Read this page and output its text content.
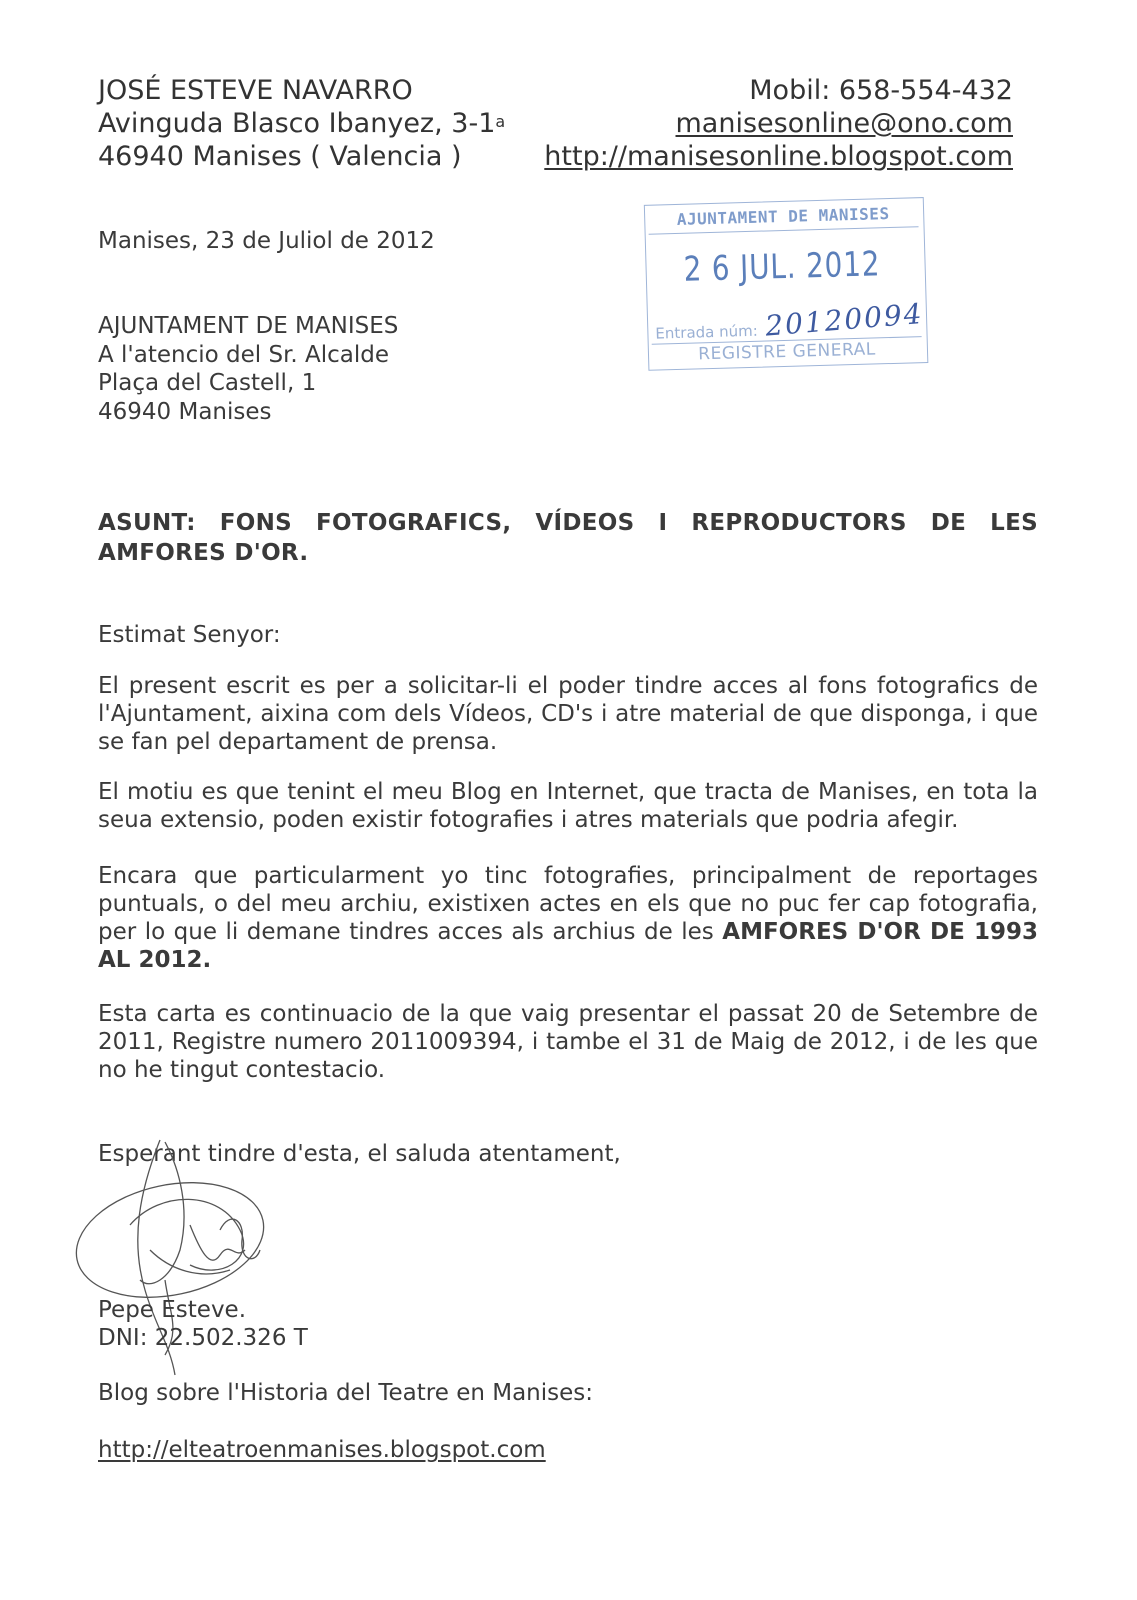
JOSÉ ESTEVE NAVARRO
Avinguda Blasco Ibanyez, 3-1$^a$
46940 Manises ( Valencia )
Mobil: 658-554-432
manisesonline@ono.com
http://manisesonline.blogspot.com
AJUNTAMENT DE MANISES
2 6 JUL. 2012
Entrada núm: 20120094
REGISTRE GENERAL
Manises, 23 de Juliol de 2012
AJUNTAMENT DE MANISES
A l'atencio del Sr. Alcalde
Plaça del Castell, 1
46940 Manises
ASUNT: FONS FOTOGRAFICS, VÍDEOS I REPRODUCTORS DE LES AMFORES D'OR.
Estimat Senyor:
El present escrit es per a solicitar-li el poder tindre acces al fons fotografics de l'Ajuntament, aixina com dels Vídeos, CD's i atre material de que disponga, i que se fan pel departament de prensa.
El motiu es que tenint el meu Blog en Internet, que tracta de Manises, en tota la seua extensio, poden existir fotografies i atres materials que podria afegir.
Encara que particularment yo tinc fotografies, principalment de reportages puntuals, o del meu archiu, existixen actes en els que no puc fer cap fotografia, per lo que li demane tindres acces als archius de les AMFORES D'OR DE 1993 AL 2012.
Esta carta es continuacio de la que vaig presentar el passat 20 de Setembre de 2011, Registre numero 2011009394, i tambe el 31 de Maig de 2012, i de les que no he tingut contestacio.
Esperant tindre d'esta, el saluda atentament,
Pepe Esteve.
DNI: 22.502.326 T
Blog sobre l'Historia del Teatre en Manises:
http://elteatroenmanises.blogspot.com
